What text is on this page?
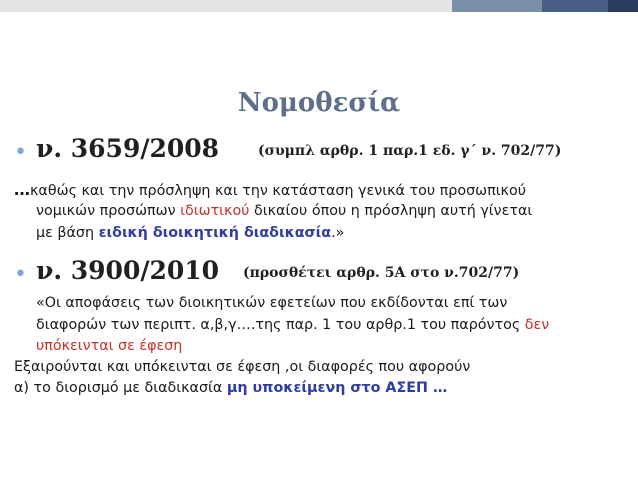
Νομοθεσία
• ν. 3659/2008	(συμπλ αρθρ. 1 παρ.1 εδ. γ΄ ν. 702/77)
…καθώς και την πρόσληψη και την κατάσταση γενικά του προσωπικού
νομικών προσώπων ιδιωτικού δικαίου όπου η πρόσληψη αυτή γίνεται
με βάση ειδική διοικητική διαδικασία.»
• ν. 3900/2010 (προσθέτει αρθρ. 5Α στο ν.702/77)
«Οι αποφάσεις των διοικητικών εφετείων που εκδίδονται επί των
διαφορών των περιπτ. α,β,γ….της παρ. 1 του αρθρ.1 του παρόντος δεν
υπόκεινται σε έφεση
Εξαιρούνται και υπόκεινται σε έφεση ,οι διαφορές που αφορούν
α) το διορισμό με διαδικασία μη υποκείμενη στο ΑΣΕΠ …
